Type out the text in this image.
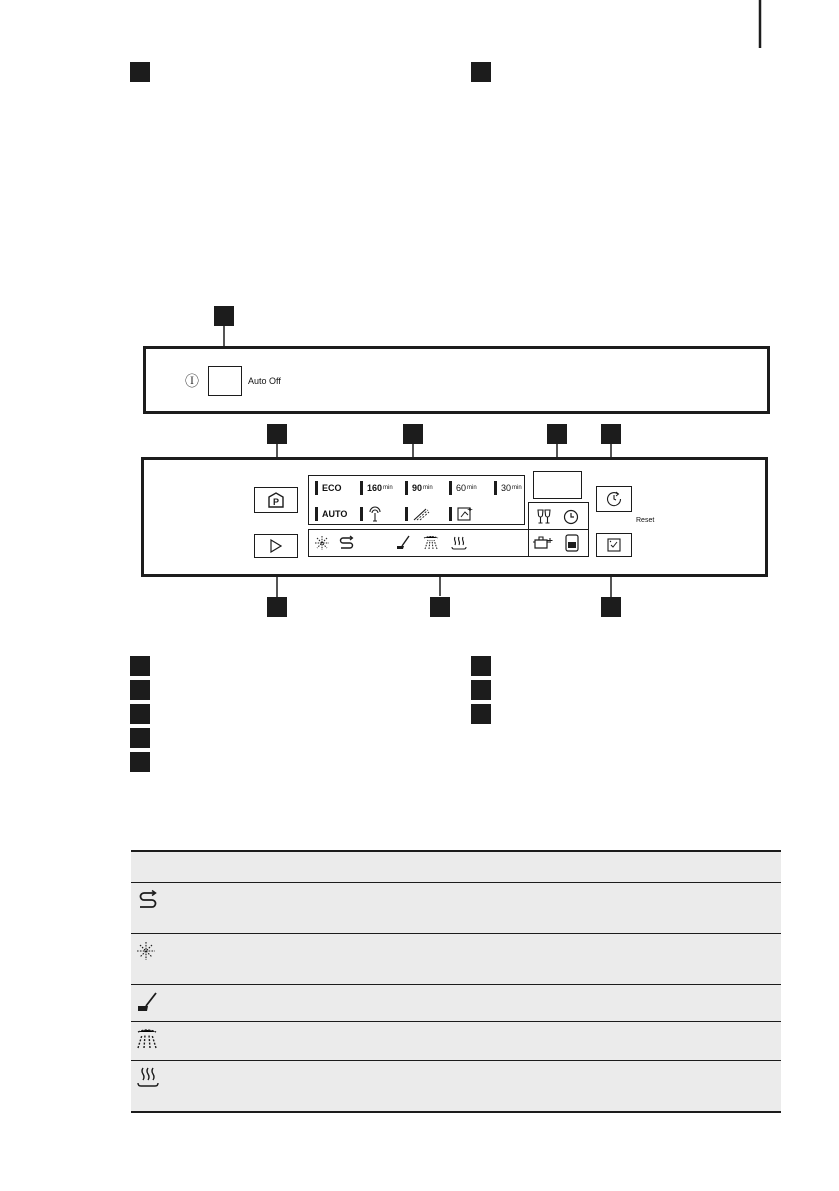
Ⓘ	Auto Off
P
ECO	160 min 90 min	60 min	30 min
AUTO
Reset
